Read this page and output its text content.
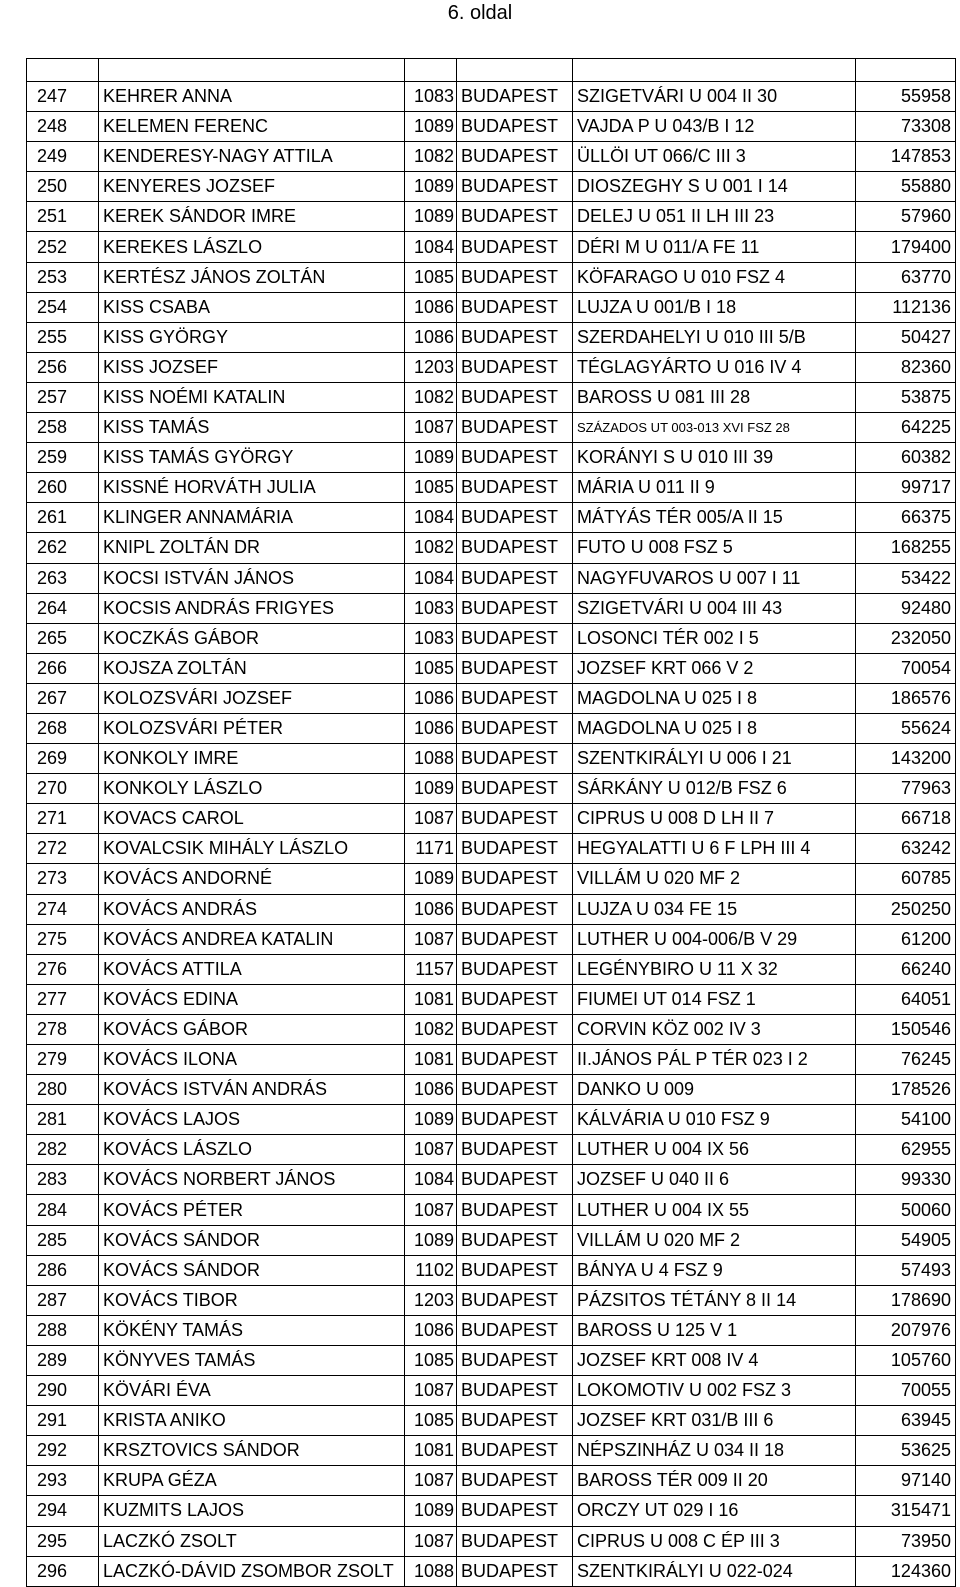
6. oldal

247	KEHRER ANNA	1083	BUDAPEST	SZIGETVÁRI U 004 II 30	55958
248	KELEMEN FERENC	1089	BUDAPEST	VAJDA P U 043/B I 12	73308
249	KENDERESY-NAGY ATTILA	1082	BUDAPEST	ÜLLÖI UT 066/C III 3	147853
250	KENYERES JOZSEF	1089	BUDAPEST	DIOSZEGHY S U 001 I 14	55880
251	KEREK SÁNDOR IMRE	1089	BUDAPEST	DELEJ U 051 II LH III 23	57960
252	KEREKES LÁSZLO	1084	BUDAPEST	DÉRI M U 011/A FE 11	179400
253	KERTÉSZ JÁNOS ZOLTÁN	1085	BUDAPEST	KÖFARAGO U 010 FSZ 4	63770
254	KISS CSABA	1086	BUDAPEST	LUJZA U 001/B I 18	112136
255	KISS GYÖRGY	1086	BUDAPEST	SZERDAHELYI U 010 III 5/B	50427
256	KISS JOZSEF	1203	BUDAPEST	TÉGLAGYÁRTO U 016 IV 4	82360
257	KISS NOÉMI KATALIN	1082	BUDAPEST	BAROSS U 081 III 28	53875
258	KISS TAMÁS	1087	BUDAPEST	SZÁZADOS UT 003-013 XVI FSZ 28	64225
259	KISS TAMÁS GYÖRGY	1089	BUDAPEST	KORÁNYI S U 010 III 39	60382
260	KISSNÉ HORVÁTH JULIA	1085	BUDAPEST	MÁRIA U 011 II 9	99717
261	KLINGER ANNAMÁRIA	1084	BUDAPEST	MÁTYÁS TÉR 005/A II 15	66375
262	KNIPL ZOLTÁN DR	1082	BUDAPEST	FUTO U 008 FSZ 5	168255
263	KOCSI ISTVÁN JÁNOS	1084	BUDAPEST	NAGYFUVAROS U 007 I 11	53422
264	KOCSIS ANDRÁS FRIGYES	1083	BUDAPEST	SZIGETVÁRI U 004 III 43	92480
265	KOCZKÁS GÁBOR	1083	BUDAPEST	LOSONCI TÉR 002 I 5	232050
266	KOJSZA ZOLTÁN	1085	BUDAPEST	JOZSEF KRT 066 V 2	70054
267	KOLOZSVÁRI JOZSEF	1086	BUDAPEST	MAGDOLNA U 025 I 8	186576
268	KOLOZSVÁRI PÉTER	1086	BUDAPEST	MAGDOLNA U 025 I 8	55624
269	KONKOLY IMRE	1088	BUDAPEST	SZENTKIRÁLYI U 006 I 21	143200
270	KONKOLY LÁSZLO	1089	BUDAPEST	SÁRKÁNY U 012/B FSZ 6	77963
271	KOVACS CAROL	1087	BUDAPEST	CIPRUS U 008 D LH II 7	66718
272	KOVALCSIK MIHÁLY LÁSZLO	1171	BUDAPEST	HEGYALATTI U 6 F LPH III 4	63242
273	KOVÁCS ANDORNÉ	1089	BUDAPEST	VILLÁM U 020 MF 2	60785
274	KOVÁCS ANDRÁS	1086	BUDAPEST	LUJZA U 034 FE 15	250250
275	KOVÁCS ANDREA KATALIN	1087	BUDAPEST	LUTHER U 004-006/B V 29	61200
276	KOVÁCS ATTILA	1157	BUDAPEST	LEGÉNYBIRO U 11 X 32	66240
277	KOVÁCS EDINA	1081	BUDAPEST	FIUMEI UT 014 FSZ 1	64051
278	KOVÁCS GÁBOR	1082	BUDAPEST	CORVIN KÖZ 002 IV 3	150546
279	KOVÁCS ILONA	1081	BUDAPEST	II.JÁNOS PÁL P TÉR 023 I 2	76245
280	KOVÁCS ISTVÁN ANDRÁS	1086	BUDAPEST	DANKO U 009	178526
281	KOVÁCS LAJOS	1089	BUDAPEST	KÁLVÁRIA U 010 FSZ 9	54100
282	KOVÁCS LÁSZLO	1087	BUDAPEST	LUTHER U 004 IX 56	62955
283	KOVÁCS NORBERT JÁNOS	1084	BUDAPEST	JOZSEF U 040 II 6	99330
284	KOVÁCS PÉTER	1087	BUDAPEST	LUTHER U 004 IX 55	50060
285	KOVÁCS SÁNDOR	1089	BUDAPEST	VILLÁM U 020 MF 2	54905
286	KOVÁCS SÁNDOR	1102	BUDAPEST	BÁNYA U 4 FSZ 9	57493
287	KOVÁCS TIBOR	1203	BUDAPEST	PÁZSITOS TÉTÁNY 8 II 14	178690
288	KÖKÉNY TAMÁS	1086	BUDAPEST	BAROSS U 125 V 1	207976
289	KÖNYVES TAMÁS	1085	BUDAPEST	JOZSEF KRT 008 IV 4	105760
290	KÖVÁRI ÉVA	1087	BUDAPEST	LOKOMOTIV U 002 FSZ 3	70055
291	KRISTA ANIKO	1085	BUDAPEST	JOZSEF KRT 031/B III 6	63945
292	KRSZTOVICS SÁNDOR	1081	BUDAPEST	NÉPSZINHÁZ U 034 II 18	53625
293	KRUPA GÉZA	1087	BUDAPEST	BAROSS TÉR 009 II 20	97140
294	KUZMITS LAJOS	1089	BUDAPEST	ORCZY UT 029 I 16	315471
295	LACZKÓ ZSOLT	1087	BUDAPEST	CIPRUS U 008 C ÉP III 3	73950
296	LACZKÓ-DÁVID ZSOMBOR ZSOLT	1088	BUDAPEST	SZENTKIRÁLYI U 022-024	124360
